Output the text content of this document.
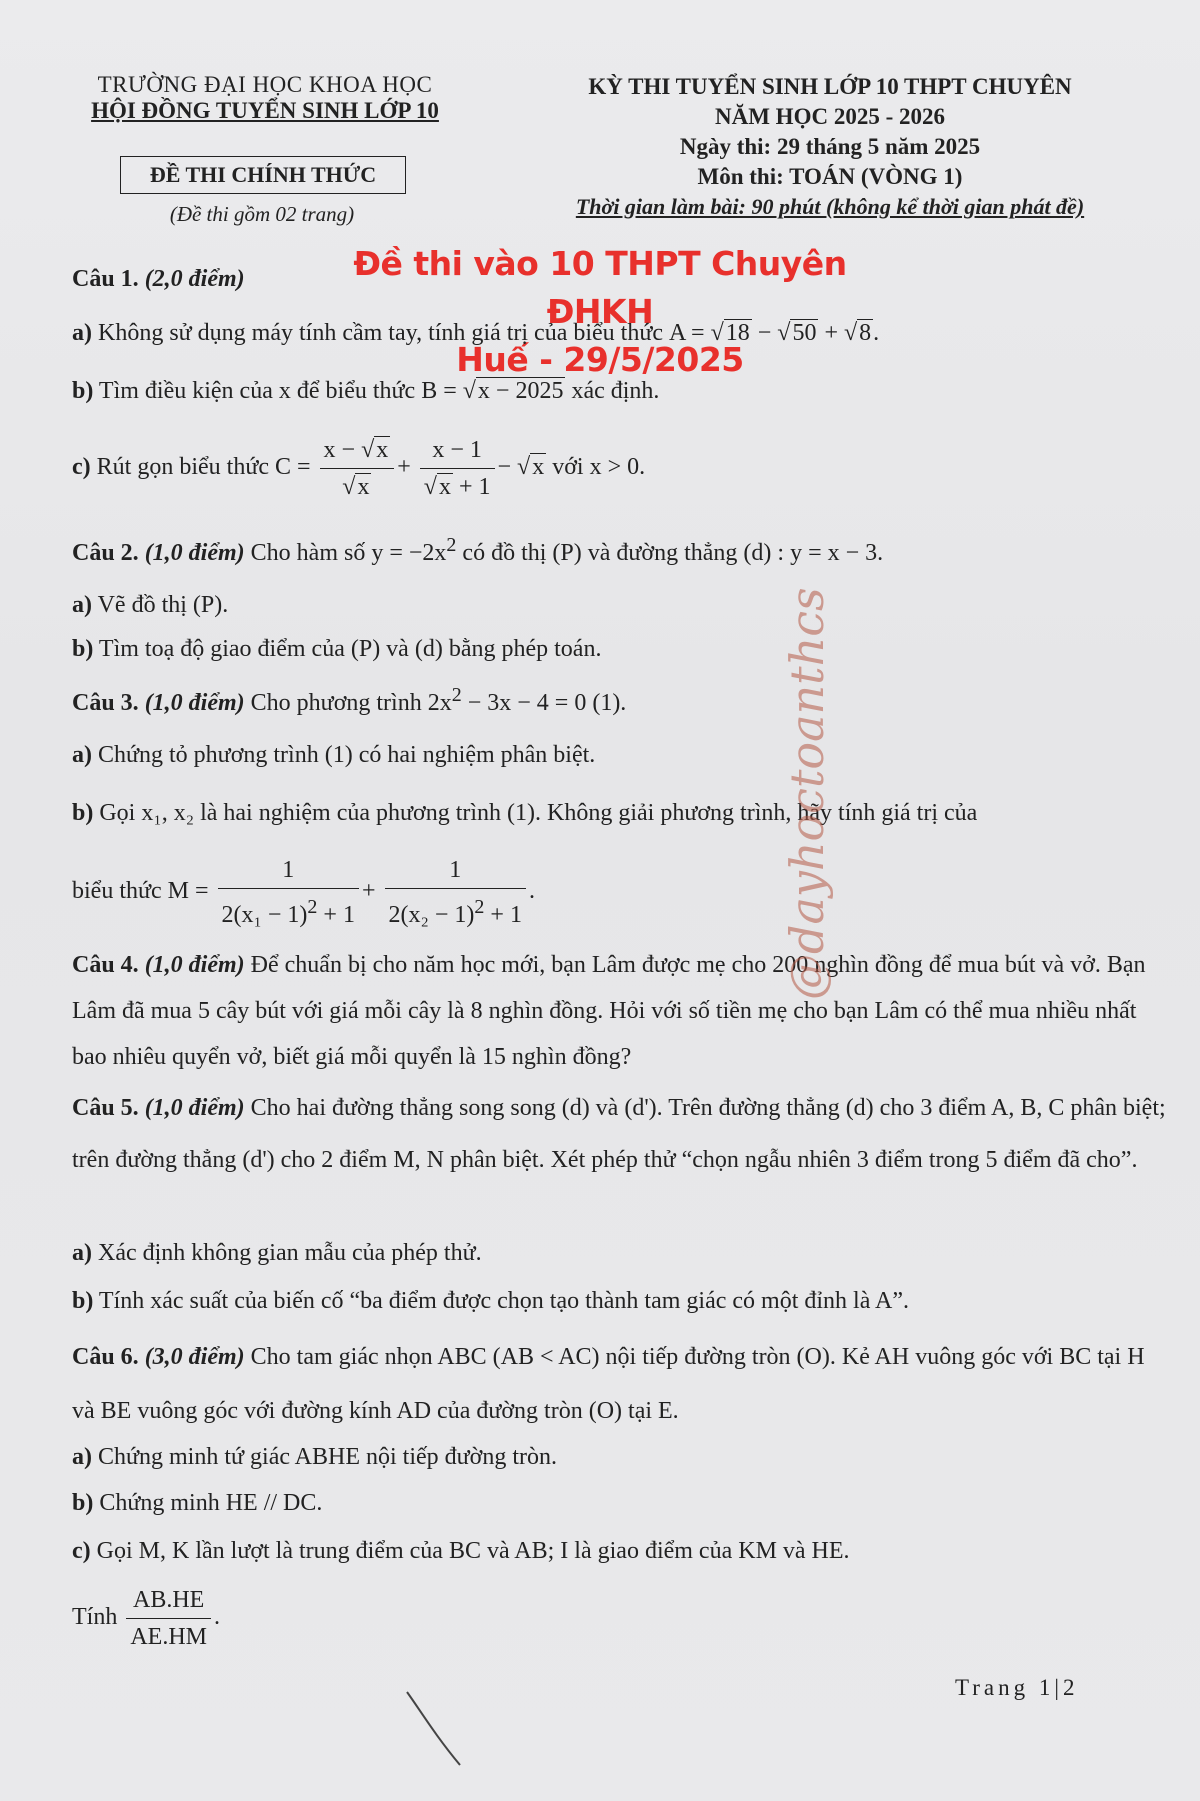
TRƯỜNG ĐẠI HỌC KHOA HỌC
HỘI ĐỒNG TUYỂN SINH LỚP 10
ĐỀ THI CHÍNH THỨC
(Đề thi gồm 02 trang)
KỲ THI TUYỂN SINH LỚP 10 THPT CHUYÊN
NĂM HỌC 2025 - 2026
Ngày thi: 29 tháng 5 năm 2025
Môn thi: TOÁN (VÒNG 1)
Thời gian làm bài: 90 phút (không kể thời gian phát đề)
Đề thi vào 10 THPT Chuyên ĐHKH
Huế - 29/5/2025
Câu 1. (2,0 điểm)
a) Không sử dụng máy tính cầm tay, tính giá trị của biểu thức A = √18 − √50 + √8.
b) Tìm điều kiện của x để biểu thức B = √x − 2025 xác định.
c) Rút gọn biểu thức $C = \frac{x - √x}{√x} + \frac{x - 1}{√x + 1} - √x$ với x > 0.
Câu 2. (1,0 điểm) Cho hàm số $y = -2x^2$ có đồ thị (P) và đường thẳng (d) : y = x − 3.
a) Vẽ đồ thị (P).
b) Tìm toạ độ giao điểm của (P) và (d) bằng phép toán.
Câu 3. (1,0 điểm) Cho phương trình $2x^2 - 3x - 4 = 0$ (1).
a) Chứng tỏ phương trình (1) có hai nghiệm phân biệt.
b) Gọi x₁, x₂ là hai nghiệm của phương trình (1). Không giải phương trình, hãy tính giá trị của
biểu thức $M = \frac{1}{2(x_1 - 1)^2 + 1} + \frac{1}{2(x_2 - 1)^2 + 1}$ .
Câu 4. (1,0 điểm) Để chuẩn bị cho năm học mới, bạn Lâm được mẹ cho 200 nghìn đồng để mua bút và vở. Bạn Lâm đã mua 5 cây bút với giá mỗi cây là 8 nghìn đồng. Hỏi với số tiền mẹ cho bạn Lâm có thể mua nhiều nhất bao nhiêu quyển vở, biết giá mỗi quyển là 15 nghìn đồng?
Câu 5. (1,0 điểm) Cho hai đường thẳng song song (d) và (d'). Trên đường thẳng (d) cho 3 điểm A, B, C phân biệt; trên đường thẳng (d') cho 2 điểm M, N phân biệt. Xét phép thử “chọn ngẫu nhiên 3 điểm trong 5 điểm đã cho”.
a) Xác định không gian mẫu của phép thử.
b) Tính xác suất của biến cố “ba điểm được chọn tạo thành tam giác có một đỉnh là A”.
Câu 6. (3,0 điểm) Cho tam giác nhọn ABC (AB < AC) nội tiếp đường tròn (O). Kẻ AH vuông góc với BC tại H và BE vuông góc với đường kính AD của đường tròn (O) tại E.
a) Chứng minh tứ giác ABHE nội tiếp đường tròn.
b) Chứng minh HE // DC.
c) Gọi M, K lần lượt là trung điểm của BC và AB; I là giao điểm của KM và HE.
Tính $\frac{AB.HE}{AE.HM}$ .
@dayhoctoanthcs
Trang 1|2
